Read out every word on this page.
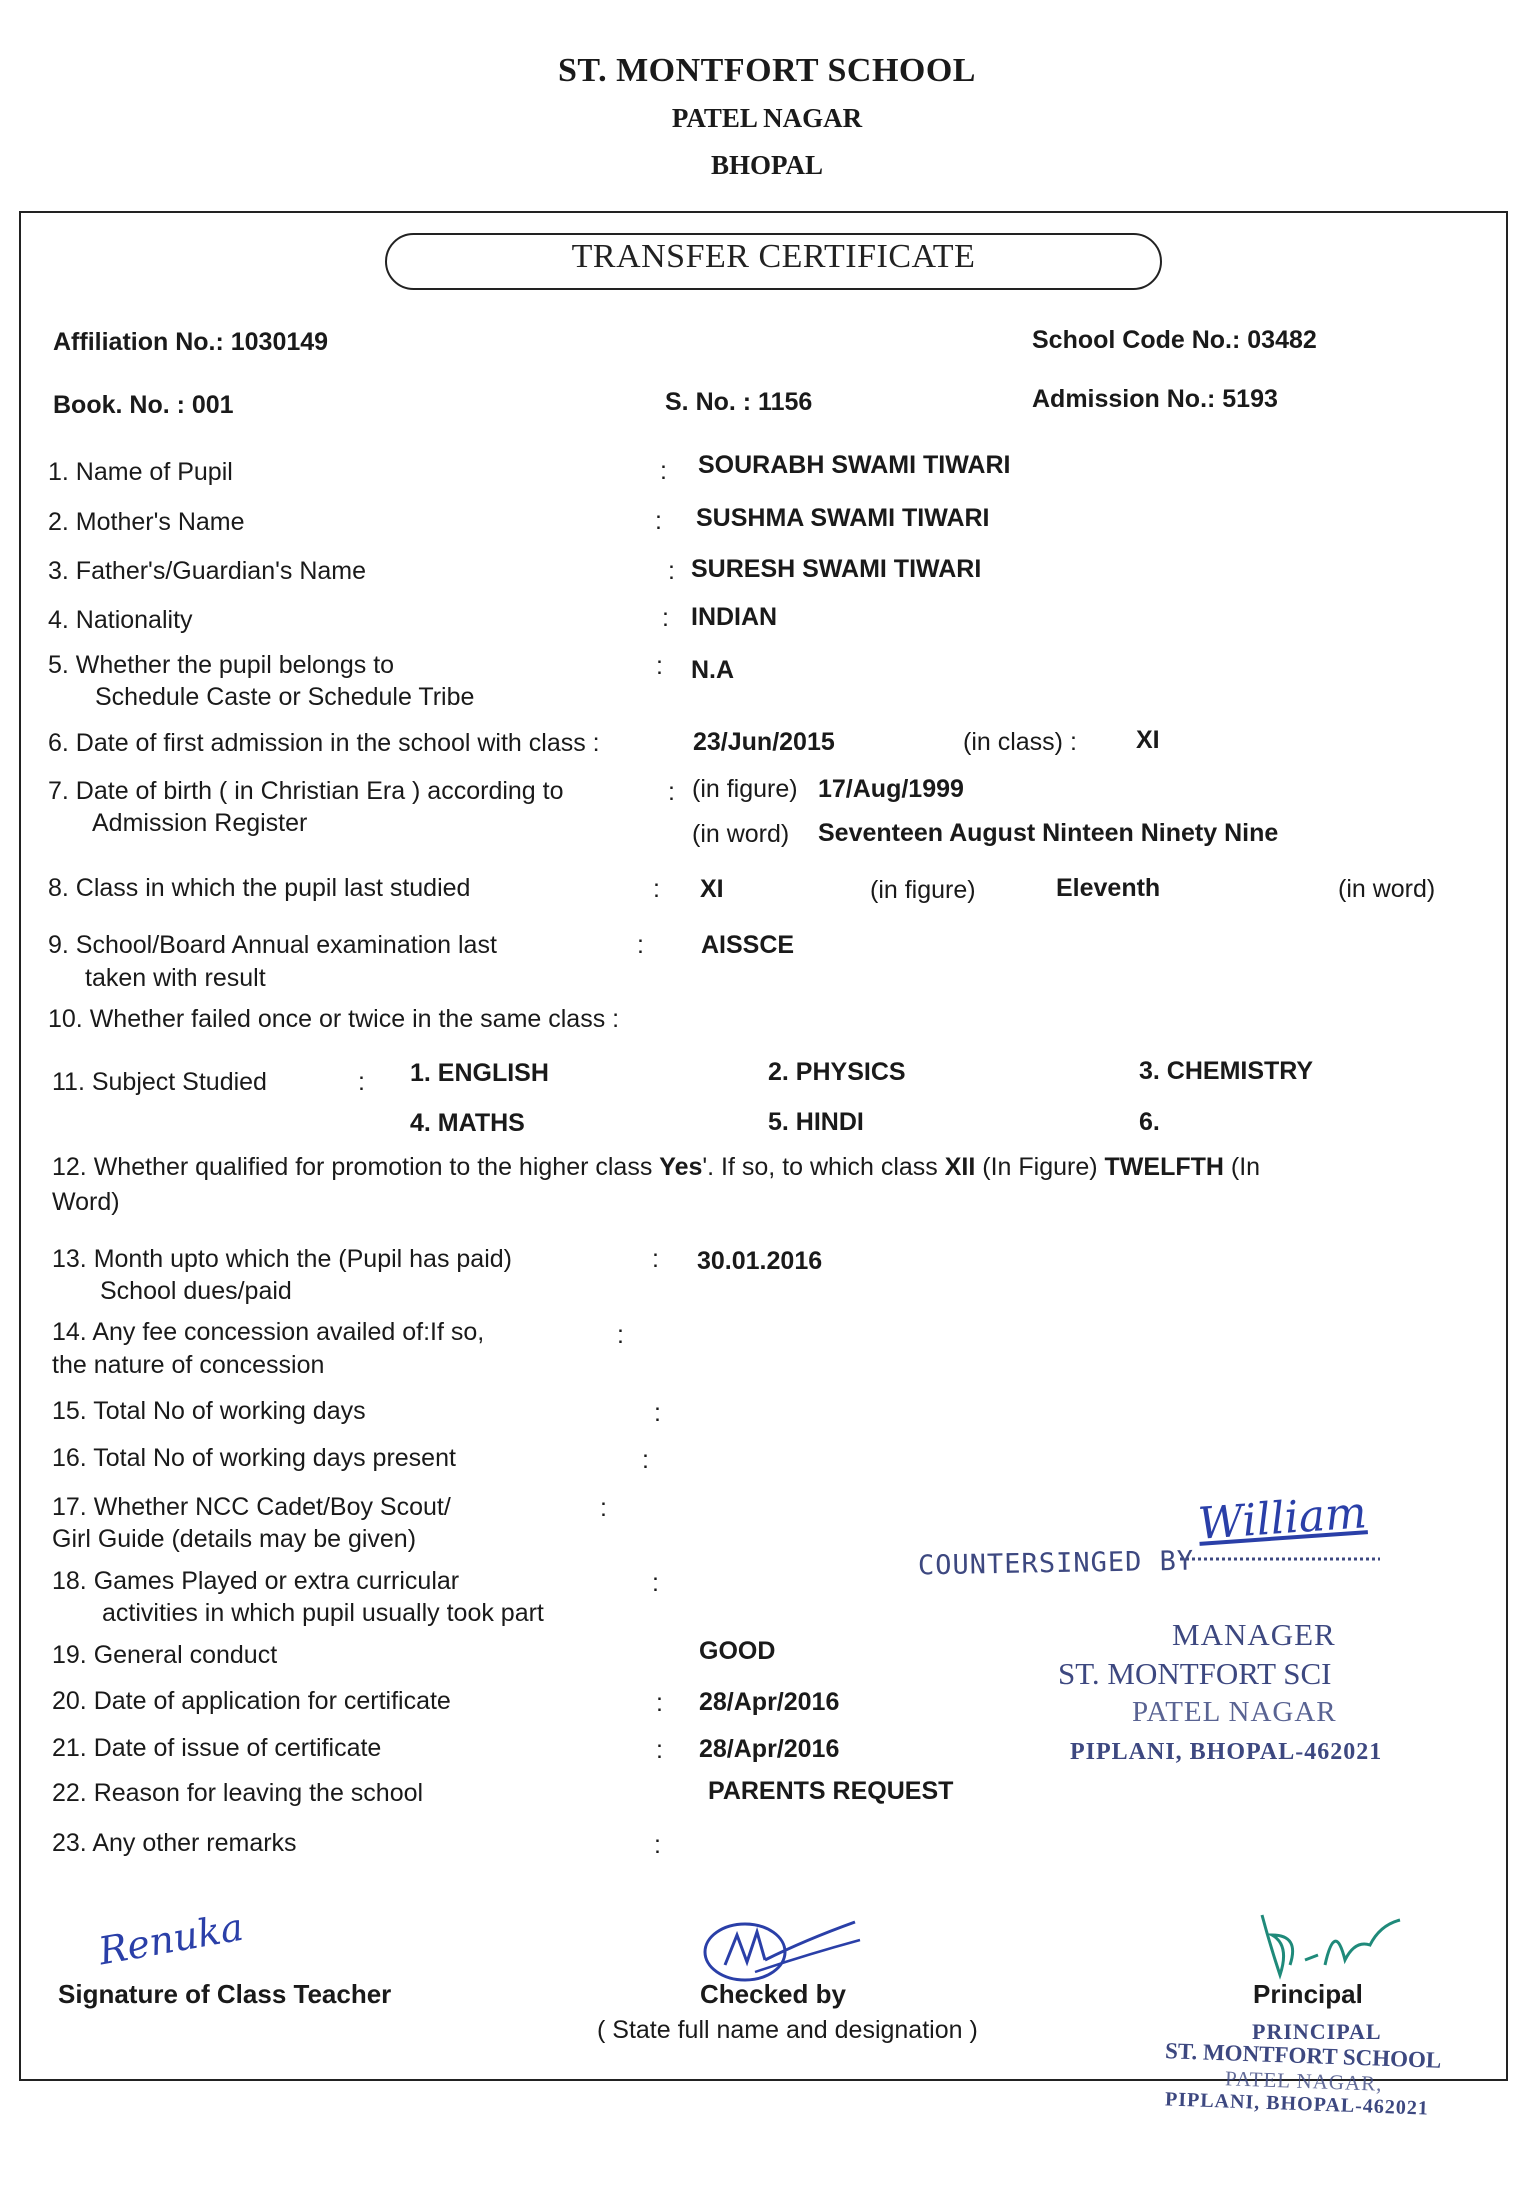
ST. MONTFORT SCHOOL
PATEL NAGAR
BHOPAL
TRANSFER CERTIFICATE
Affiliation No.: 1030149	School Code No.: 03482
Book. No. : 001	S. No. : 1156	Admission No.: 5193
1. Name of Pupil	: SOURABH SWAMI TIWARI
2. Mother's Name	: SUSHMA SWAMI TIWARI
3. Father's/Guardian's Name	: SURESH SWAMI TIWARI
4. Nationality	: INDIAN
5. Whether the pupil belongs to
Schedule Caste or Schedule Tribe
: N.A
6. Date of first admission in the school with class :	23/Jun/2015	(in class) : XI
7. Date of birth ( in Christian Era ) according to
Admission Register
: (in figure) 17/Aug/1999
(in word) Seventeen August Ninteen Ninety Nine
8. Class in which the pupil last studied	: XI	(in figure)	Eleventh	(in word)
9. School/Board Annual examination last
taken with result
: AISSCE
10. Whether failed once or twice in the same class :
11. Subject Studied	: 1. ENGLISH	2. PHYSICS	3. CHEMISTRY
4. MATHS	5. HINDI	6.
12. Whether qualified for promotion to the higher class Yes'. If so, to which class XII (In Figure) TWELFTH (In
Word)
13. Month upto which the (Pupil has paid)
School dues/paid
: 30.01.2016
14. Any fee concession availed of:If so,
the nature of concession
:
15. Total No of working days	:
16. Total No of working days present	:
17. Whether NCC Cadet/Boy Scout/
Girl Guide (details may be given)
:
18. Games Played or extra curricular
activities in which pupil usually took part
:
19. General conduct	GOOD
20. Date of application for certificate	: 28/Apr/2016
21. Date of issue of certificate	: 28/Apr/2016
22. Reason for leaving the school	PARENTS REQUEST
23. Any other remarks	:
COUNTERSINGED BY
William
MANAGER
ST. MONTFORT SCI
PATEL NAGAR
PIPLANI, BHOPAL-462021
Renuka
Signature of Class Teacher	Checked by
( State full name and designation )
Principal
PRINCIPAL
ST. MONTFORT SCHOOL
PATEL NAGAR,
PIPLANI, BHOPAL-462021
